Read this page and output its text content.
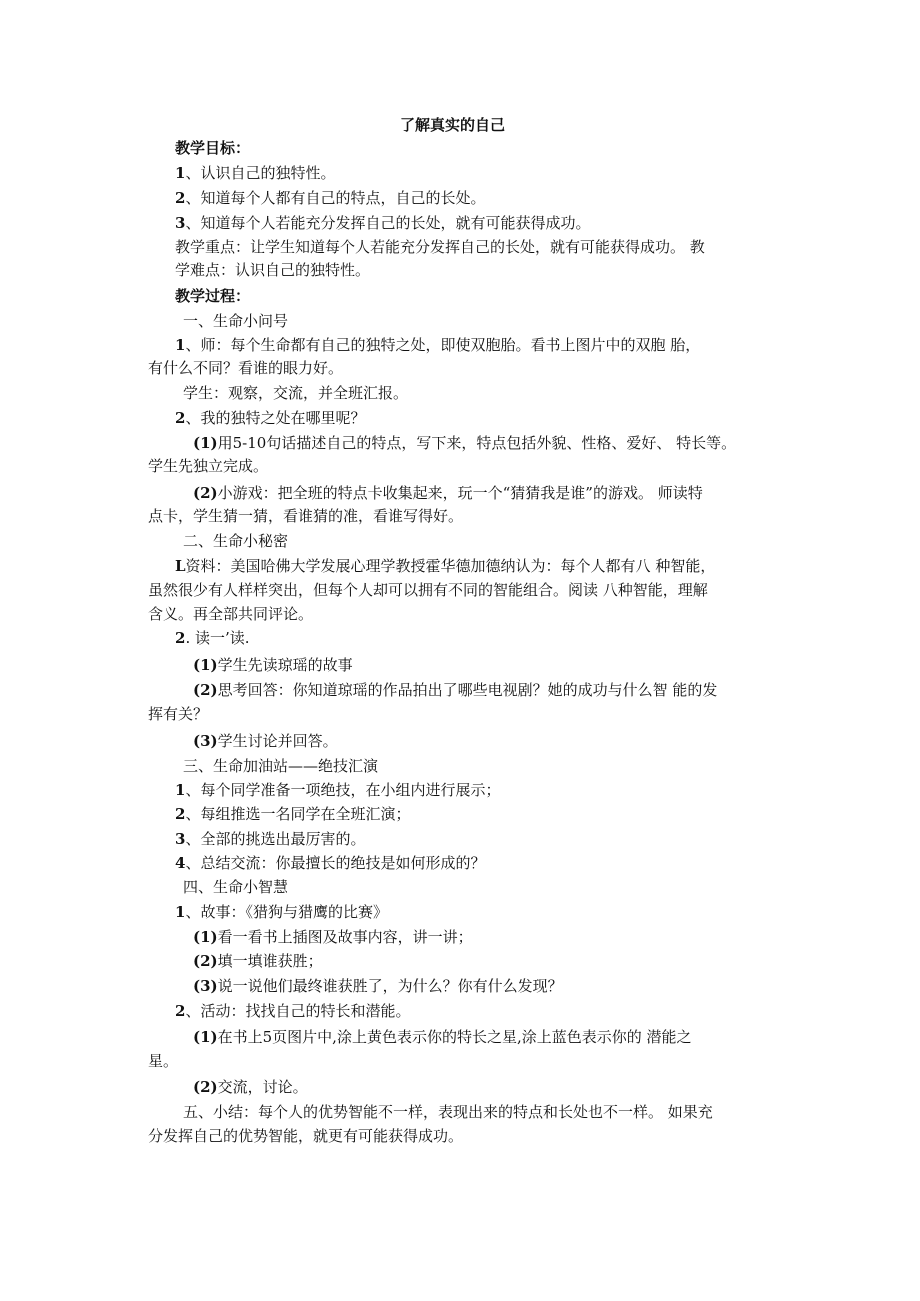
了解真实的自己
教学目标：
1、认识自己的独特性。
2、知道每个人都有自己的特点，自己的长处。
3、知道每个人若能充分发挥自己的长处，就有可能获得成功。
教学重点：让学生知道每个人若能充分发挥自己的长处，就有可能获得成功。 教
学难点：认识自己的独特性。
教学过程：
一、生命小问号
1、师：每个生命都有自己的独特之处，即使双胞胎。看书上图片中的双胞 胎，
有什么不同？看谁的眼力好。
学生：观察，交流，并全班汇报。
2、我的独特之处在哪里呢？
(1)用5-10句话描述自己的特点，写下来，特点包括外貌、性格、爱好、 特长等。
学生先独立完成。
(2)小游戏：把全班的特点卡收集起来，玩一个“猜猜我是谁”的游戏。 师读特
点卡，学生猜一猜，看谁猜的准，看谁写得好。
二、生命小秘密
L资料：美国哈佛大学发展心理学教授霍华德加德纳认为：每个人都有八 种智能，
虽然很少有人样样突出，但每个人却可以拥有不同的智能组合。阅读 八种智能，理解
含义。再全部共同评论。
2. 读一’读.
(1)学生先读琼瑶的故事
(2)思考回答：你知道琼瑶的作品拍出了哪些电视剧？她的成功与什么智 能的发
挥有关？
(3)学生讨论并回答。
三、生命加油站——绝技汇演
1、每个同学准备一项绝技，在小组内进行展示；
2、每组推选一名同学在全班汇演；
3、全部的挑选出最厉害的。
4、总结交流：你最擅长的绝技是如何形成的？
四、生命小智慧
1、故事：《猎狗与猎鹰的比赛》
(1)看一看书上插图及故事内容，讲一讲；
(2)填一填谁获胜；
(3)说一说他们最终谁获胜了，为什么？你有什么发现？
2、活动：找找自己的特长和潜能。
(1)在书上5页图片中,涂上黄色表示你的特长之星,涂上蓝色表示你的 潜能之
星。
(2)交流，讨论。
五、小结：每个人的优势智能不一样，表现出来的特点和长处也不一样。 如果充
分发挥自己的优势智能，就更有可能获得成功。
